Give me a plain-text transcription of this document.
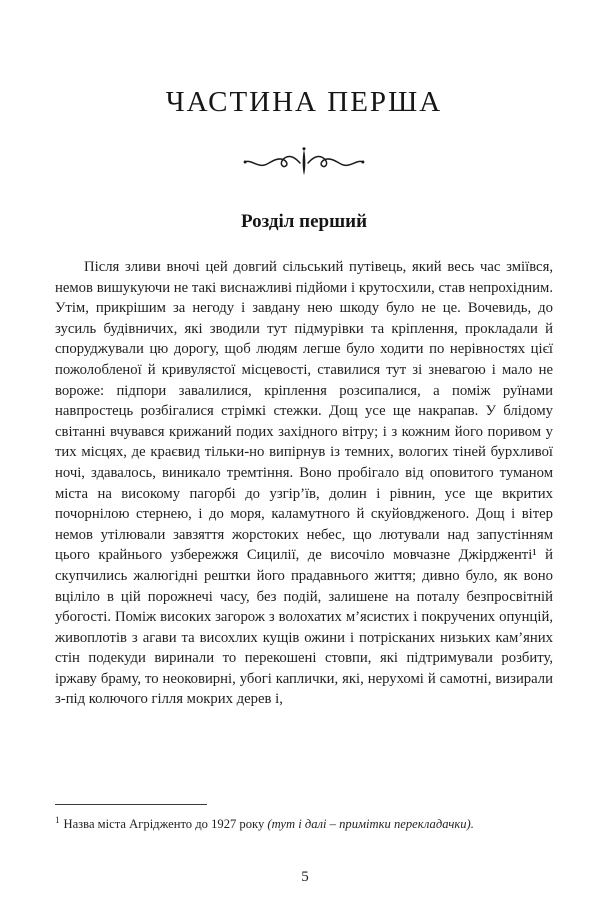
ЧАСТИНА ПЕРША
Розділ перший

Після зливи вночі цей довгий сільський путівець, який весь час зміївся, немов вишукуючи не такі виснажливі підйоми і крутосхили, став непрохідним. Утім, прикрішим за негоду і завдану нею шкоду було не це. Вочевидь, до зусиль будівничих, які зводили тут підмурівки та кріплення, прокладали й споруджували цю дорогу, щоб людям легше було ходити по нерівностях цієї пожолобленої й кривулястої місцевості, ставилися тут зі зневагою і мало не вороже: підпори завалилися, кріплення розсипалися, а поміж руїнами навпростець розбігалися стрімкі стежки. Дощ усе ще накрапав. У блідому світанні вчувався крижаний подих західного вітру; і з кожним його поривом у тих місцях, де краєвид тільки-но випірнув із темних, вологих тіней бурхливої ночі, здавалось, виникало тремтіння. Воно пробігало від оповитого туманом міста на високому пагорбі до узгір’їв, долин і рівнин, усе ще вкритих почорнілою стернею, і до моря, каламутного й скуйовдженого. Дощ і вітер немов утілювали завзяття жорстоких небес, що лютували над запустінням цього крайнього узбережжя Сицилії, де височіло мовчазне Джірдженті¹ й скупчились жалюгідні рештки його прадавнього життя; дивно було, як воно вціліло в цій порожнечі часу, без подій, залишене на поталу безпросвітній убогості. Поміж високих загорож з волохатих м’ясистих і покручених опунцій, живоплотів з агави та висохлих кущів ожини і потрісканих низьких кам’яних стін подекуди виринали то перекошені стовпи, які підтримували розбиту, іржаву браму, то неоковирні, убогі каплички, які, нерухомі й самотні, визирали з-під колючого гілля мокрих дерев і,

$^1$ Назва міста Агрідженто до 1927 року (тут і далі – примітки перекладачки).

5
